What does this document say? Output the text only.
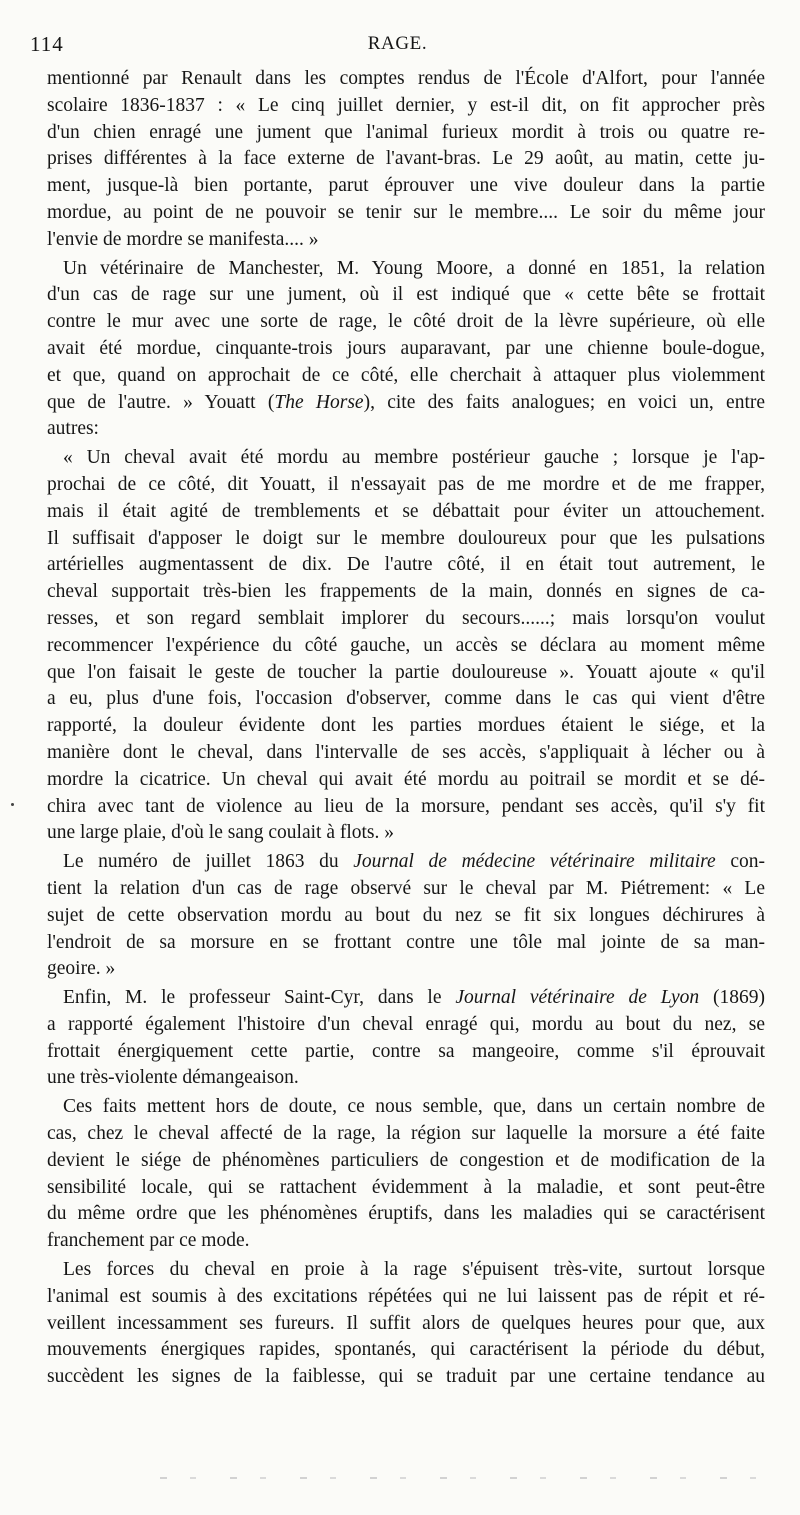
114	RAGE.
mentionné par Renault dans les comptes rendus de l'École d'Alfort, pour l'année
scolaire 1836-1837 : « Le cinq juillet dernier, y est-il dit, on fit approcher près
d'un chien enragé une jument que l'animal furieux mordit à trois ou quatre re-
prises différentes à la face externe de l'avant-bras. Le 29 août, au matin, cette ju-
ment, jusque-là bien portante, parut éprouver une vive douleur dans la partie
mordue, au point de ne pouvoir se tenir sur le membre.... Le soir du même jour
l'envie de mordre se manifesta.... »
Un vétérinaire de Manchester, M. Young Moore, a donné en 1851, la relation
d'un cas de rage sur une jument, où il est indiqué que « cette bête se frottait
contre le mur avec une sorte de rage, le côté droit de la lèvre supérieure, où elle
avait été mordue, cinquante-trois jours auparavant, par une chienne boule-dogue,
et que, quand on approchait de ce côté, elle cherchait à attaquer plus violemment
que de l'autre. » Youatt (The Horse), cite des faits analogues; en voici un, entre
autres:
« Un cheval avait été mordu au membre postérieur gauche ; lorsque je l'ap-
prochai de ce côté, dit Youatt, il n'essayait pas de me mordre et de me frapper,
mais il était agité de tremblements et se débattait pour éviter un attouchement.
Il suffisait d'apposer le doigt sur le membre douloureux pour que les pulsations
artérielles augmentassent de dix. De l'autre côté, il en était tout autrement, le
cheval supportait très-bien les frappements de la main, donnés en signes de ca-
resses, et son regard semblait implorer du secours......; mais lorsqu'on voulut
recommencer l'expérience du côté gauche, un accès se déclara au moment même
que l'on faisait le geste de toucher la partie douloureuse ». Youatt ajoute « qu'il
a eu, plus d'une fois, l'occasion d'observer, comme dans le cas qui vient d'être
rapporté, la douleur évidente dont les parties mordues étaient le siége, et la
manière dont le cheval, dans l'intervalle de ses accès, s'appliquait à lécher ou à
mordre la cicatrice. Un cheval qui avait été mordu au poitrail se mordit et se dé-
chira avec tant de violence au lieu de la morsure, pendant ses accès, qu'il s'y fit
une large plaie, d'où le sang coulait à flots. »
Le numéro de juillet 1863 du Journal de médecine vétérinaire militaire con-
tient la relation d'un cas de rage observé sur le cheval par M. Piétrement: « Le
sujet de cette observation mordu au bout du nez se fit six longues déchirures à
l'endroit de sa morsure en se frottant contre une tôle mal jointe de sa man-
geoire. »
Enfin, M. le professeur Saint-Cyr, dans le Journal vétérinaire de Lyon (1869)
a rapporté également l'histoire d'un cheval enragé qui, mordu au bout du nez, se
frottait énergiquement cette partie, contre sa mangeoire, comme s'il éprouvait
une très-violente démangeaison.
Ces faits mettent hors de doute, ce nous semble, que, dans un certain nombre de
cas, chez le cheval affecté de la rage, la région sur laquelle la morsure a été faite
devient le siége de phénomènes particuliers de congestion et de modification de la
sensibilité locale, qui se rattachent évidemment à la maladie, et sont peut-être
du même ordre que les phénomènes éruptifs, dans les maladies qui se caractérisent
franchement par ce mode.
Les forces du cheval en proie à la rage s'épuisent très-vite, surtout lorsque
l'animal est soumis à des excitations répétées qui ne lui laissent pas de répit et ré-
veillent incessamment ses fureurs. Il suffit alors de quelques heures pour que, aux
mouvements énergiques rapides, spontanés, qui caractérisent la période du début,
succèdent les signes de la faiblesse, qui se traduit par une certaine tendance au
